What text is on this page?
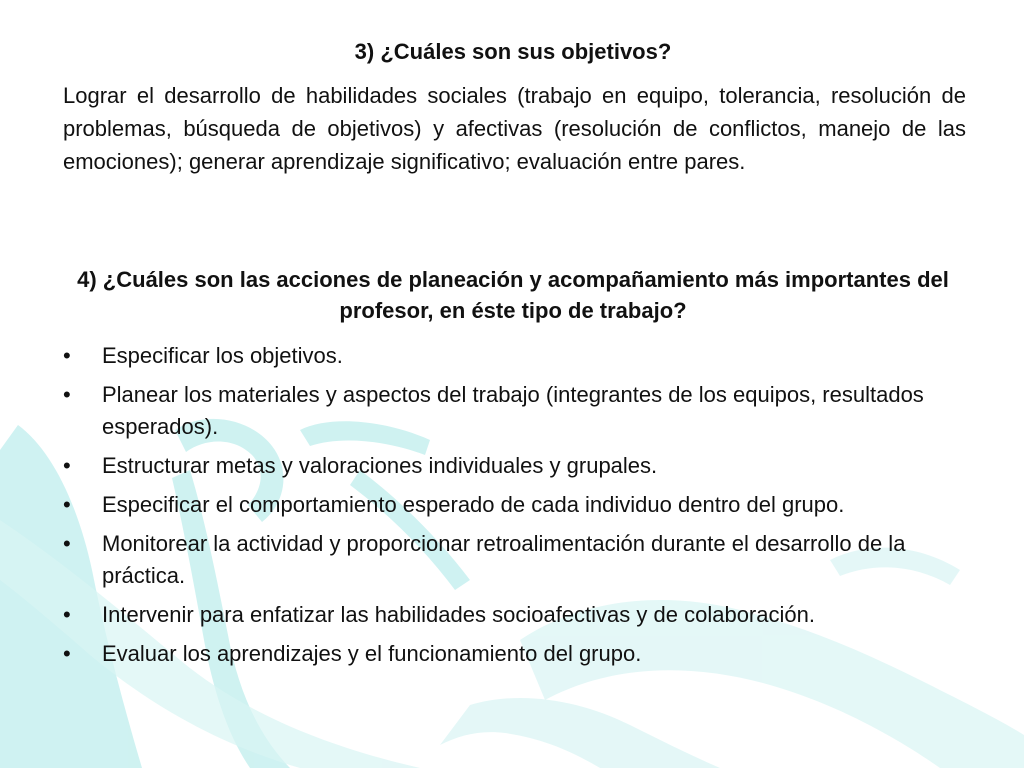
3) ¿Cuáles son sus objetivos?

Lograr el desarrollo de habilidades sociales (trabajo en equipo, tolerancia, resolución de problemas, búsqueda de objetivos) y afectivas (resolución de conflictos, manejo de las emociones); generar aprendizaje significativo; evaluación entre pares.

4) ¿Cuáles son las acciones de planeación y acompañamiento más importantes del profesor, en éste tipo de trabajo?
•	Especificar los objetivos.
•	Planear los materiales y aspectos del trabajo (integrantes de los equipos, resultados esperados).
•	Estructurar metas y valoraciones individuales y grupales.
•	Especificar el comportamiento esperado de cada individuo dentro del grupo.
•	Monitorear la actividad y proporcionar retroalimentación durante el desarrollo de la práctica.
•	Intervenir para enfatizar las habilidades socioafectivas y de colaboración.
•	Evaluar los aprendizajes y el funcionamiento del grupo.
